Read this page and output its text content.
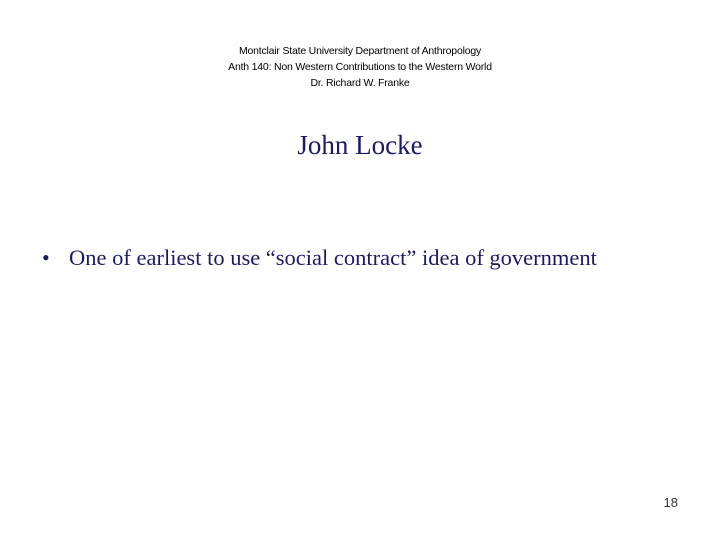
Montclair State University Department of Anthropology
Anth 140: Non Western Contributions to the Western World
Dr. Richard W. Franke
John Locke
• One of earliest to use “social contract” idea of government
18
